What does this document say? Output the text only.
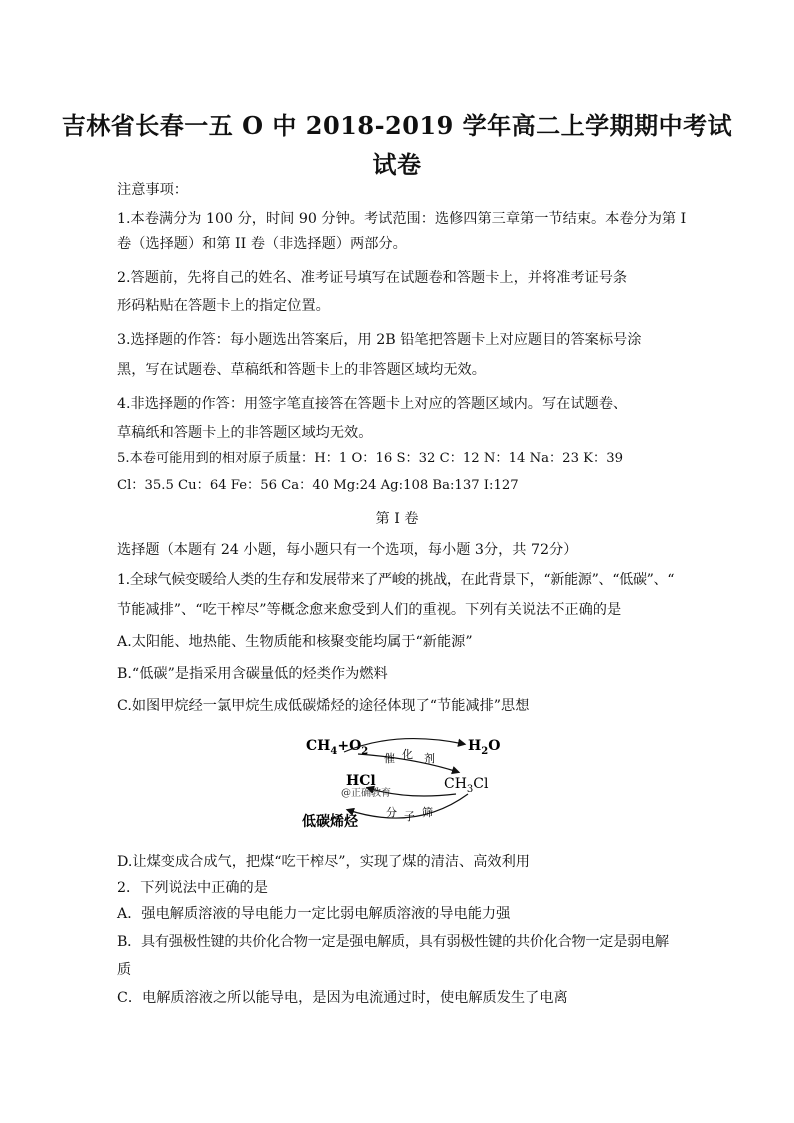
吉林省长春一五 O 中 2018-2019 学年高二上学期期中考试
试卷
注意事项：
1.本卷满分为 100 分，时间 90 分钟。考试范围：选修四第三章第一节结束。本卷分为第 I
卷（选择题）和第 II 卷（非选择题）两部分。
2.答题前，先将自己的姓名、准考证号填写在试题卷和答题卡上，并将准考证号条
形码粘贴在答题卡上的指定位置。
3.选择题的作答：每小题选出答案后，用 2B 铅笔把答题卡上对应题目的答案标号涂
黑，写在试题卷、草稿纸和答题卡上的非答题区域均无效。
4.非选择题的作答：用签字笔直接答在答题卡上对应的答题区域内。写在试题卷、
草稿纸和答题卡上的非答题区域均无效。
5.本卷可能用到的相对原子质量：H：1 O：16 S：32 C：12 N：14 Na：23 K：39
Cl：35.5 Cu：64 Fe：56 Ca：40 Mg:24 Ag:108 Ba:137 I:127
第 I 卷
选择题（本题有 24 小题，每小题只有一个选项，每小题 3分，共 72分）
1.全球气候变暖给人类的生存和发展带来了严峻的挑战，在此背景下，“新能源”、“低碳”、“
节能减排”、“吃干榨尽”等概念愈来愈受到人们的重视。下列有关说法不正确的是
A.太阳能、地热能、生物质能和核聚变能均属于“新能源”
B.“低碳”是指采用含碳量低的烃类作为燃料
C.如图甲烷经一氯甲烷生成低碳烯烃的途径体现了“节能减排”思想
$CH_4+O_2$	$H_2O$
$CH_3Cl$
HCl
@正确教育
低碳烯烃
催 化 剂
分 子 筛
D.让煤变成合成气，把煤“吃干榨尽”，实现了煤的清洁、高效利用
2．下列说法中正确的是
A．强电解质溶液的导电能力一定比弱电解质溶液的导电能力强
B．具有强极性键的共价化合物一定是强电解质，具有弱极性键的共价化合物一定是弱电解
质
C．电解质溶液之所以能导电，是因为电流通过时，使电解质发生了电离
